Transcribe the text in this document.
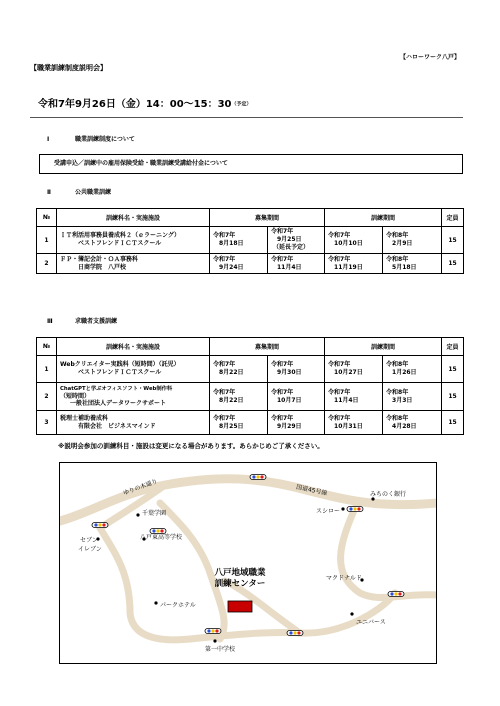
【ハローワーク八戸】
【職業訓練制度説明会】
令和7年9月26日（金）14：00～15：30（予定）
Ⅰ	職業訓練制度について
受講申込／訓練中の雇用保険受給・職業訓練受講給付金について
Ⅱ	公共職業訓練
№	訓練科名・実施施設	募集期間		訓練期間		定員
1	ＩＴ利活用事務員養成科２（ｅラーニング）
ベストフレンドＩＣＴスクール	令和7年
8月18日	令和7年
9月25日
（延長予定）	令和7年
10月10日	令和8年
2月9日	15
2	ＦＰ・簿記会計・ＯＡ事務科
日商学院　八戸校	令和7年
9月24日	令和7年
11月4日	令和7年
11月19日	令和8年
5月18日	15
Ⅲ	求職者支援訓練
№	訓練科名・実施施設	募集期間		訓練期間		定員
1	Webクリエイター実践科（短時間）（託児）
ベストフレンドＩＣＴスクール	令和7年
8月22日	令和7年
9月30日	令和7年
10月27日	令和8年
1月26日	15
2	ChatGPTと学ぶオフィスソフト・Web制作科
（短時間）
一般社団法人データワークサポート	令和7年
8月22日	令和7年
10月7日	令和7年
11月4日	令和8年
3月3日	15
3	税理士補助養成科
有限会社　ビジネスマインド	令和7年
8月25日	令和7年
9月29日	令和7年
10月31日	令和8年
4月28日	15
※説明会参加の訓練科目・施設は変更になる場合があります。あらかじめご了承ください。
ゆりの木通り	国道45号線	みちのく銀行
千葉学園	スシロー
セブン
イレブン
八戸東高等学校
八戸地域職業
訓練センター
マクドナルド
パークホテル
ユニバース
第一中学校
